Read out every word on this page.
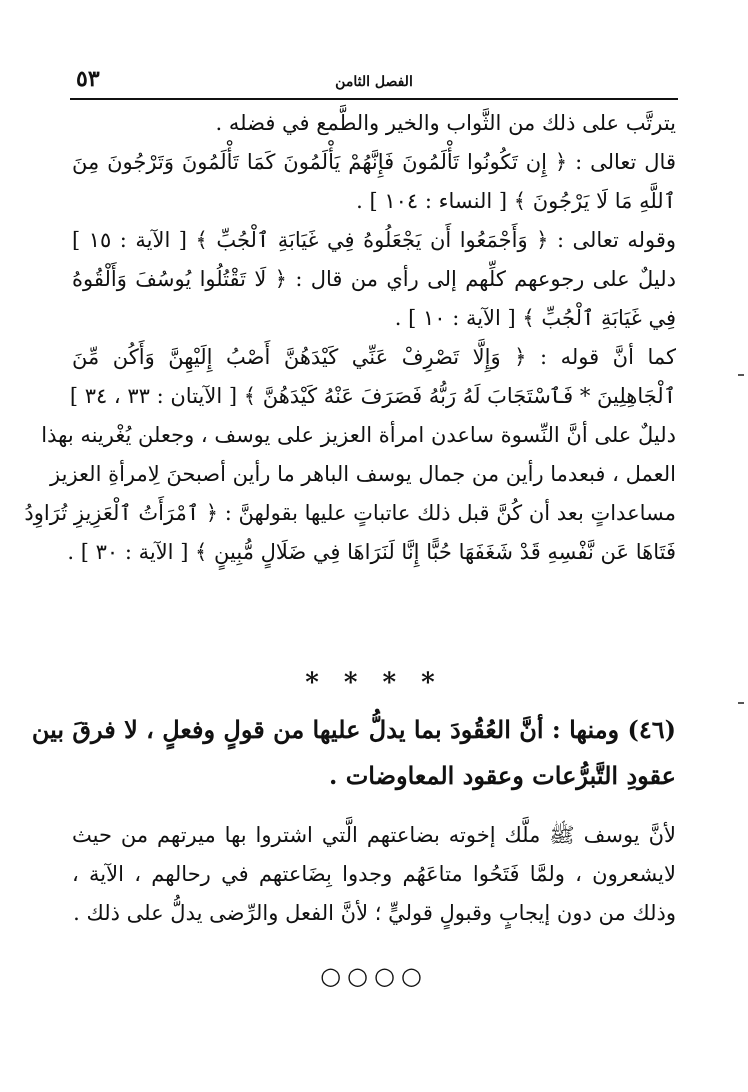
الفصل الثامن
٥٣
يترتَّب على ذلك من الثَّواب والخير والطَّمع في فضله .
قال تعالى : ﴿ إِن تَكُونُوا تَأْلَمُونَ فَإِنَّهُمْ يَأْلَمُونَ كَمَا تَأْلَمُونَ وَتَرْجُونَ مِنَ
ٱللَّهِ مَا لَا يَرْجُونَ ﴾ [ النساء : ١٠٤ ] .
وقوله تعالى : ﴿ وَأَجْمَعُوا أَن يَجْعَلُوهُ فِي غَيَابَةِ ٱلْجُبِّ ﴾ [ الآية : ١٥ ]
دليلٌ على رجوعهم كلِّهم إلى رأي من قال : ﴿ لَا تَقْتُلُوا يُوسُفَ وَأَلْقُوهُ
فِي غَيَابَةِ ٱلْجُبِّ ﴾ [ الآية : ١٠ ] .
كما أنَّ قوله : ﴿ وَإِلَّا تَصْرِفْ عَنِّي كَيْدَهُنَّ أَصْبُ إِلَيْهِنَّ وَأَكُن مِّنَ
ٱلْجَاهِلِينَ * فَٱسْتَجَابَ لَهُ رَبُّهُ فَصَرَفَ عَنْهُ كَيْدَهُنَّ ﴾ [ الآيتان : ٣٣ ، ٣٤ ]
دليلٌ على أنَّ النِّسوة ساعدن امرأة العزيز على يوسف ، وجعلن يُغْرينه بهذا
العمل ، فبعدما رأين من جمال يوسف الباهر ما رأين أصبحنَ لِامرأةِ العزيز
مساعداتٍ بعد أن كُنَّ قبل ذلك عاتباتٍ عليها بقولهنَّ : ﴿ ٱمْرَأَتُ ٱلْعَزِيزِ تُرَاوِدُ
فَتَاهَا عَن نَّفْسِهِ قَدْ شَغَفَهَا حُبًّا إِنَّا لَنَرَاهَا فِي ضَلَالٍ مُّبِينٍ ﴾ [ الآية : ٣٠ ] .
* * * *
(٤٦) ومنها : أنَّ العُقُودَ بما يدلُّ عليها من قولٍ وفعلٍ ، لا فرقَ بين
عقودِ التَّبرُّعات وعقود المعاوضات .
لأنَّ يوسف ﷺ ملَّك إخوته بضاعتهم الَّتي اشتروا بها ميرتهم من حيث
لايشعرون ، ولمَّا فَتَحُوا متاعَهُم وجدوا بِضَاعتهم في رحالهم ، الآية ،
وذلك من دون إيجابٍ وقبولٍ قوليٍّ ؛ لأنَّ الفعل والرِّضى يدلُّ على ذلك .
○○○○
